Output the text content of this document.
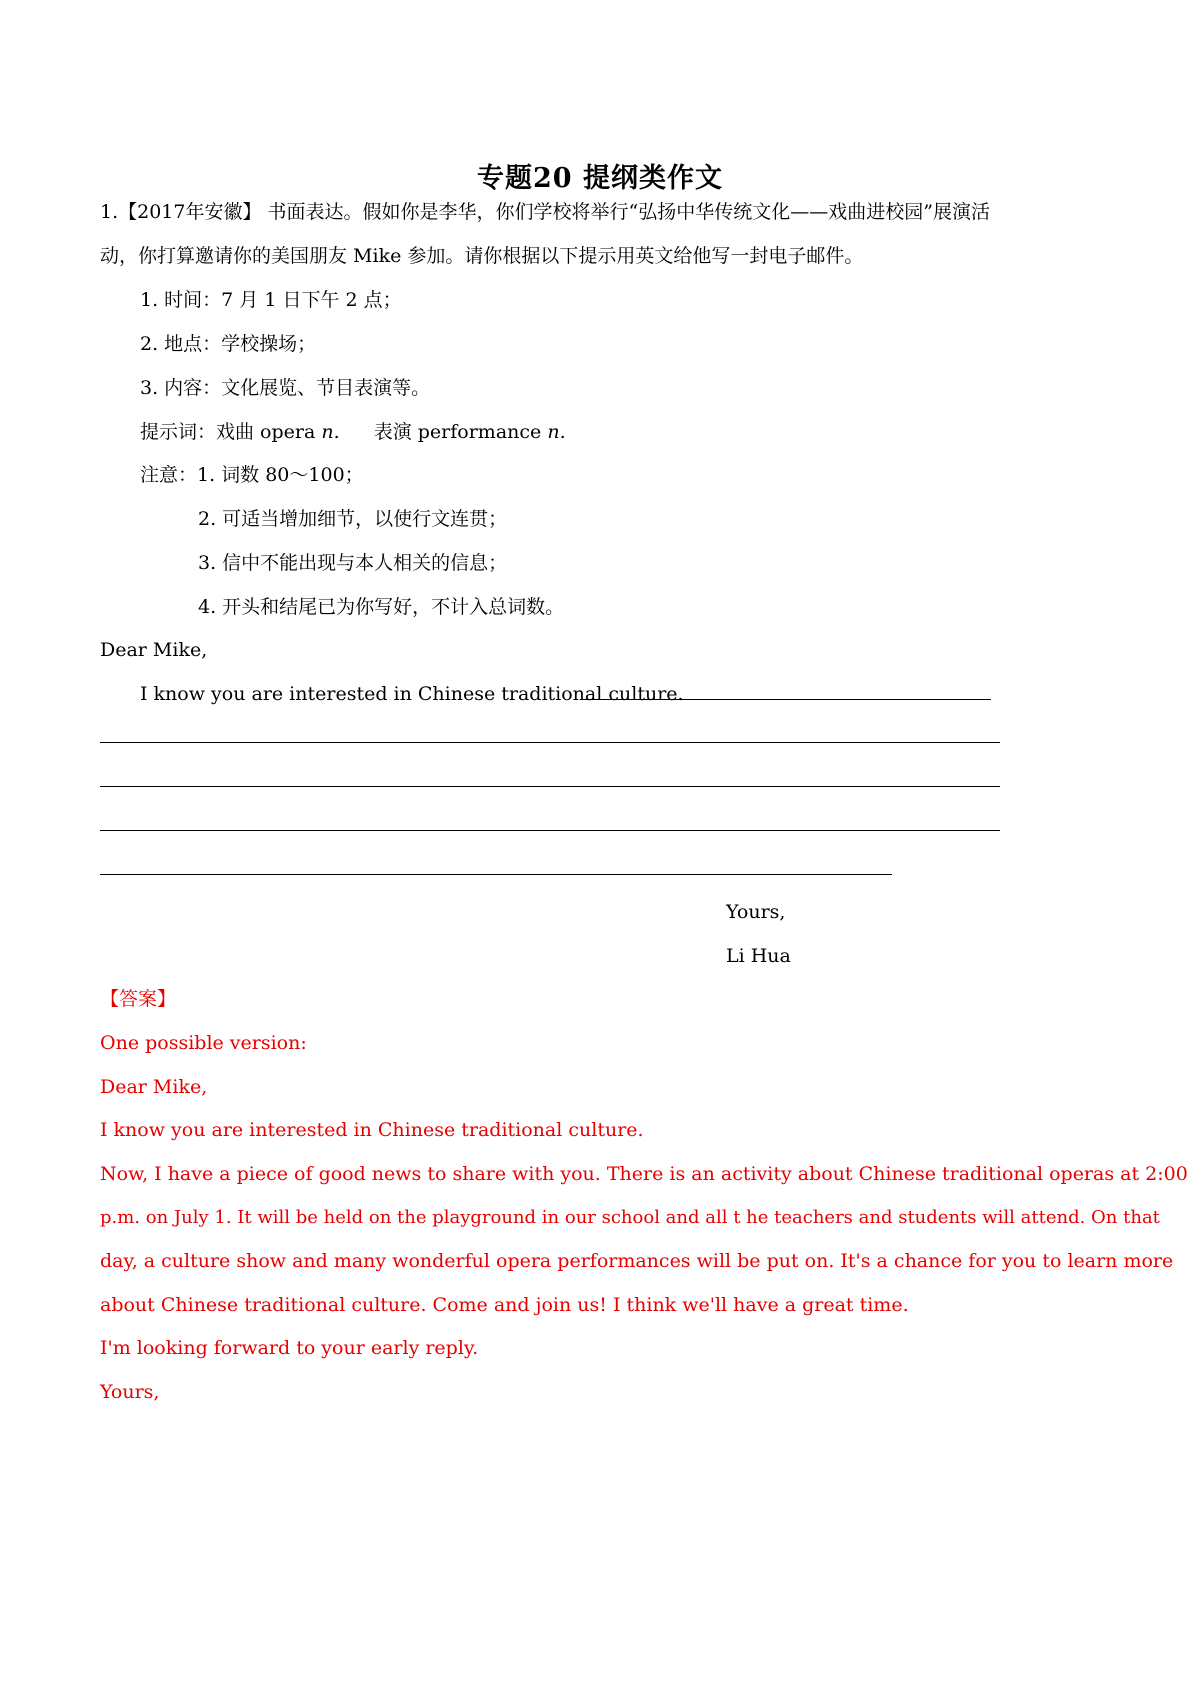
专题20 提纲类作文
1.【2017年安徽】 书面表达。假如你是李华，你们学校将举行“弘扬中华传统文化——戏曲进校园”展演活
动，你打算邀请你的美国朋友 Mike 参加。请你根据以下提示用英文给他写一封电子邮件。
1. 时间：7 月 1 日下午 2 点；
2. 地点：学校操场；
3. 内容：文化展览、节目表演等。
提示词：戏曲 opera n. 表演 performance n.
注意：1. 词数 80～100；
2. 可适当增加细节，以使行文连贯；
3. 信中不能出现与本人相关的信息；
4. 开头和结尾已为你写好，不计入总词数。
Dear Mike,
I know you are interested in Chinese traditional culture.
Yours,
Li Hua
【答案】
One possible version:
Dear Mike,
I know you are interested in Chinese traditional culture.
Now, I have a piece of good news to share with you. There is an activity about Chinese traditional operas at 2:00
p.m. on July 1. It will be held on the playground in our school and all t he teachers and students will attend. On that
day, a culture show and many wonderful opera performances will be put on. It's a chance for you to learn more
about Chinese traditional culture. Come and join us! I think we'll have a great time.
I'm looking forward to your early reply.
Yours,
